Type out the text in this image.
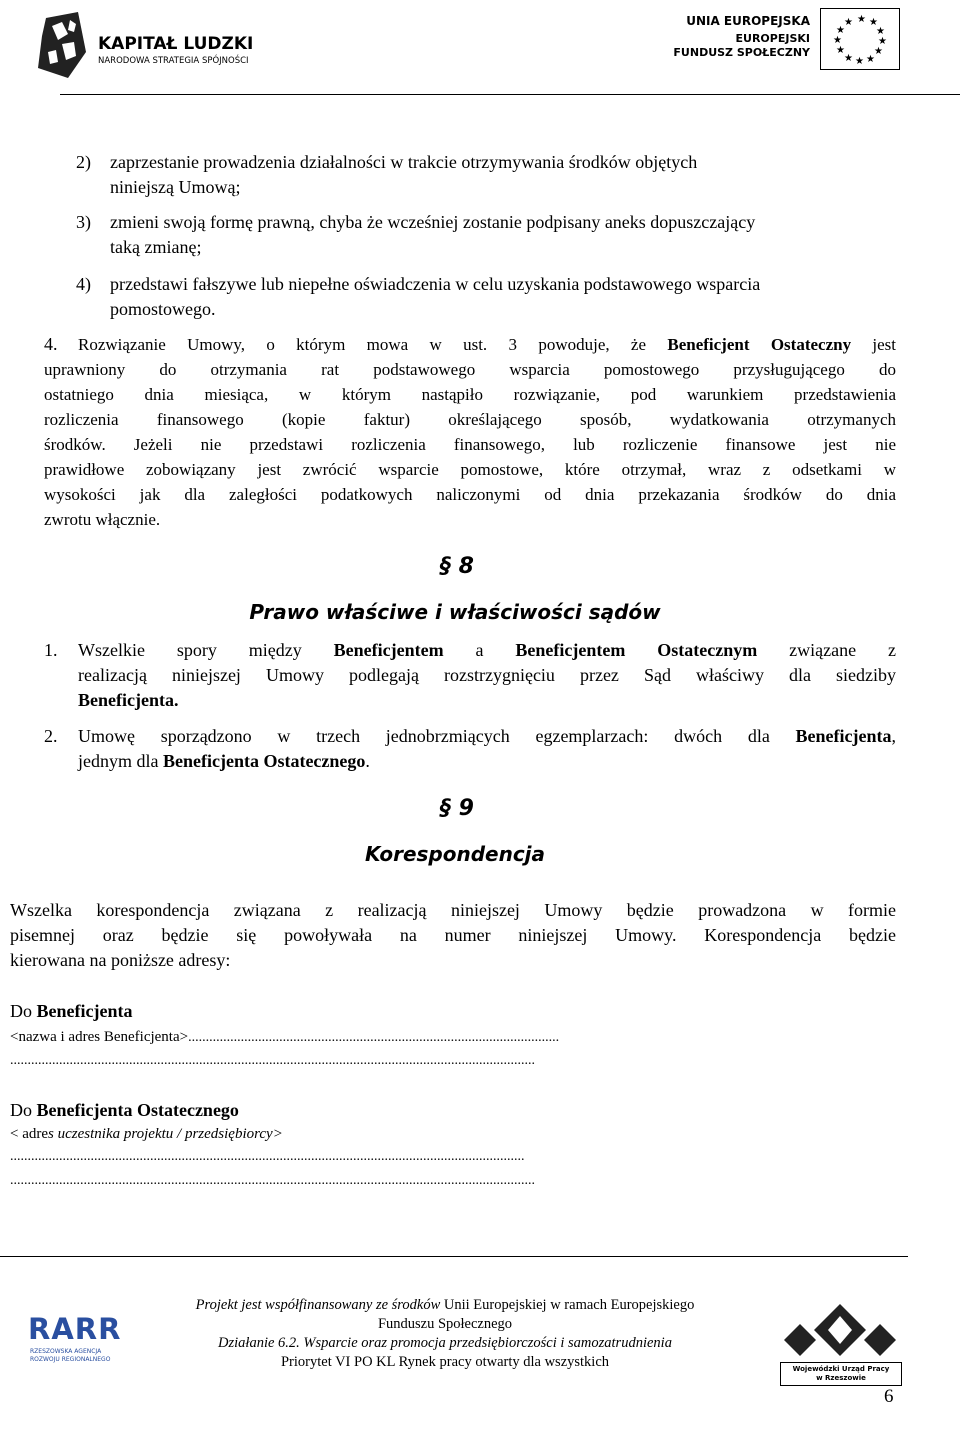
KAPITAŁ LUDZKI
NARODOWA STRATEGIA SPÓJNOŚCI
UNIA EUROPEJSKA
EUROPEJSKI
FUNDUSZ SPOŁECZNY
★ ★
★
★
★
★
★
★
★
★
★
★
2) zaprzestanie prowadzenia działalności w trakcie otrzymywania środków objętych
niniejszą Umową;
3) zmieni swoją formę prawną, chyba że wcześniej zostanie podpisany aneks dopuszczający
taką zmianę;
4) przedstawi fałszywe lub niepełne oświadczenia w celu uzyskania podstawowego wsparcia
pomostowego.
4. Rozwiązanie Umowy, o którym mowa w ust. 3 powoduje, że Beneficjent Ostateczny jest
uprawniony do otrzymania rat podstawowego wsparcia pomostowego przysługującego do
ostatniego dnia miesiąca, w którym nastąpiło rozwiązanie, pod warunkiem przedstawienia
rozliczenia finansowego (kopie faktur) określającego sposób, wydatkowania otrzymanych
środków. Jeżeli nie przedstawi rozliczenia finansowego, lub rozliczenie finansowe jest nie
prawidłowe zobowiązany jest zwrócić wsparcie pomostowe, które otrzymał, wraz z odsetkami w
wysokości jak dla zaległości podatkowych naliczonymi od dnia przekazania środków do dnia
zwrotu włącznie.
§ 8
Prawo właściwe i właściwości sądów
1. Wszelkie spory między Beneficjentem a Beneficjentem Ostatecznym związane z
realizacją niniejszej Umowy podlegają rozstrzygnięciu przez Sąd właściwy dla siedziby
Beneficjenta.
2. Umowę sporządzono w trzech jednobrzmiących egzemplarzach: dwóch dla Beneficjenta,
jednym dla Beneficjenta Ostatecznego.
§ 9
Korespondencja
Wszelka korespondencja związana z realizacją niniejszej Umowy będzie prowadzona w formie
pisemnej oraz będzie się powoływała na numer niniejszej Umowy. Korespondencja będzie
kierowana na poniższe adresy:
Do Beneficjenta
<nazwa i adres Beneficjenta>..........................................................................................................
......................................................................................................................................................
Do Beneficjenta Ostatecznego
< adres uczestnika projektu / przedsiębiorcy>
...................................................................................................................................................
......................................................................................................................................................
RARR
RZESZOWSKA AGENCJA
ROZWOJU REGIONALNEGO
Projekt jest współfinansowany ze środków Unii Europejskiej w ramach Europejskiego
Funduszu Społecznego
Działanie 6.2. Wsparcie oraz promocja przedsiębiorczości i samozatrudnienia
Priorytet VI PO KL Rynek pracy otwarty dla wszystkich	Wojewódzki Urząd Pracy
w Rzeszowie
6
